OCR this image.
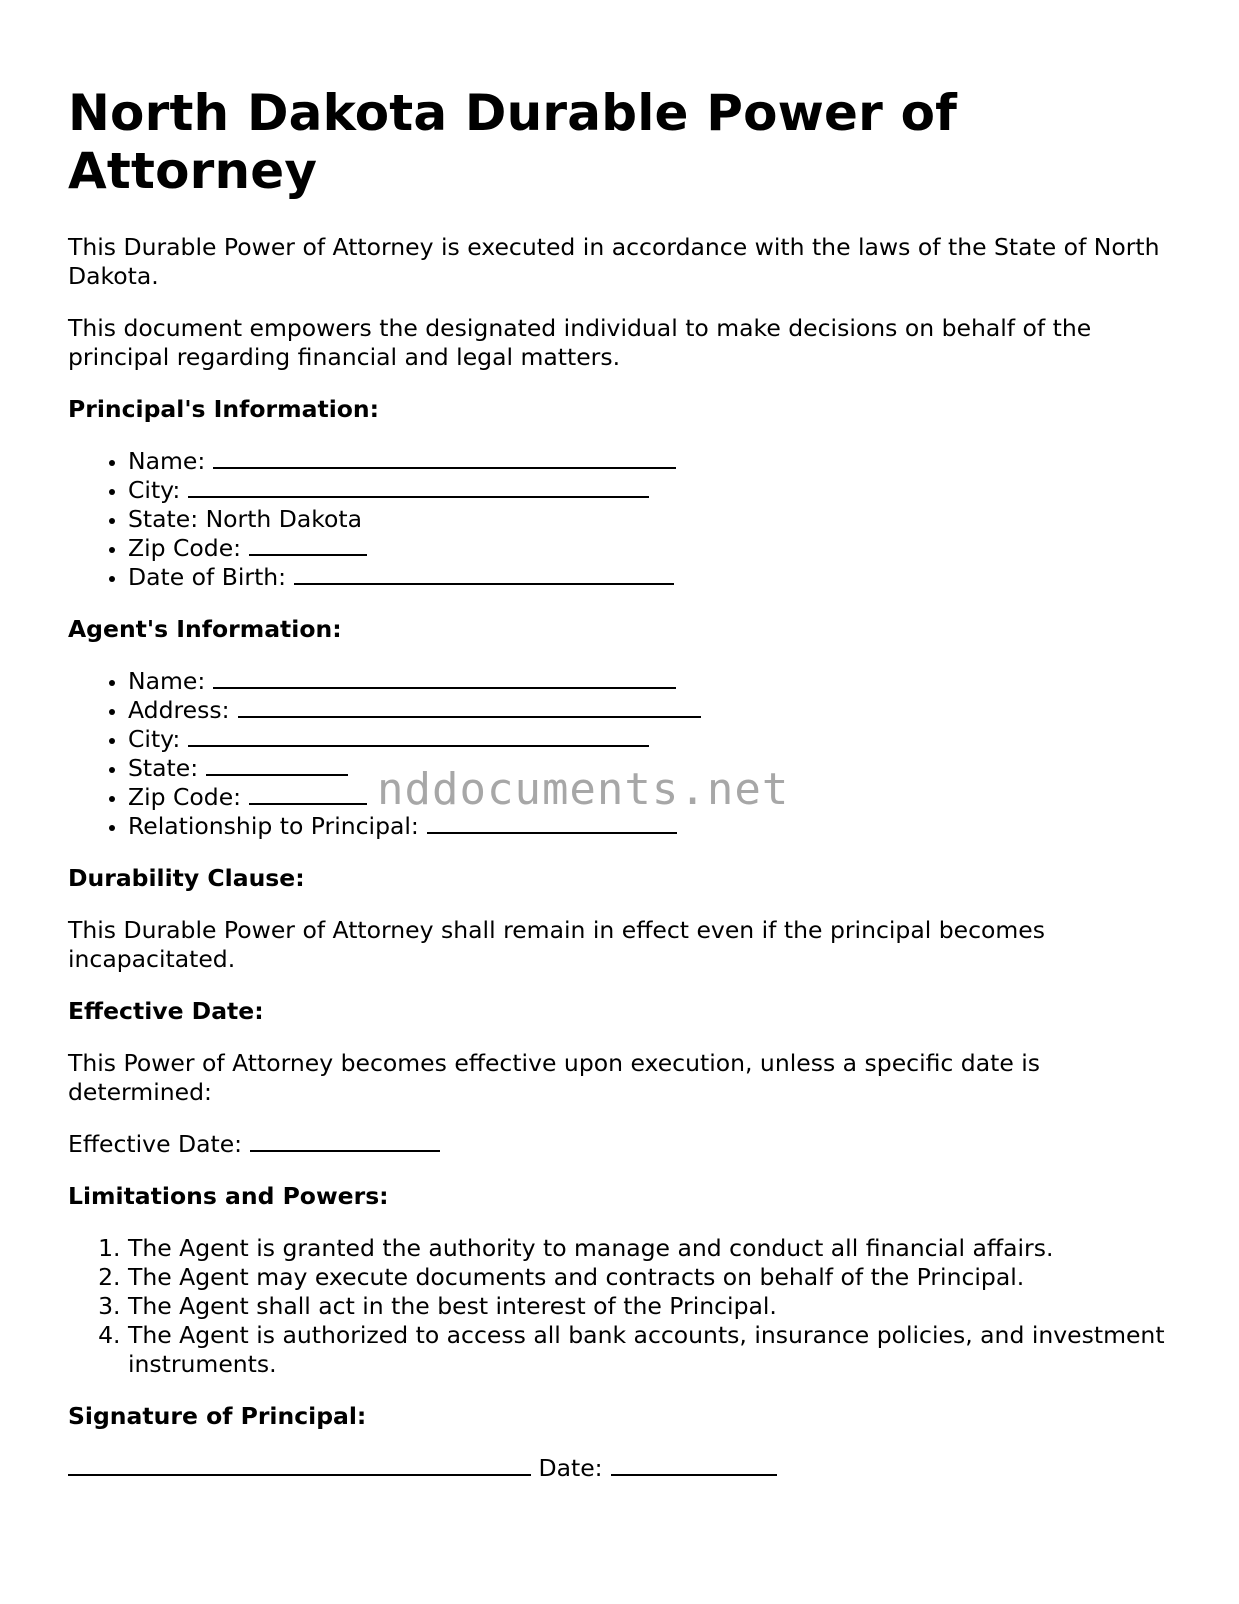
North Dakota Durable Power of Attorney

This Durable Power of Attorney is executed in accordance with the laws of the State of North Dakota.

This document empowers the designated individual to make decisions on behalf of the principal regarding financial and legal matters.

Principal's Information:
• Name:
• City:
• State: North Dakota
• Zip Code:
• Date of Birth:
Agent's Information:
• Name:
• Address:
• City:
• State:
• Zip Code:
• Relationship to Principal:
Durability Clause:

This Durable Power of Attorney shall remain in effect even if the principal becomes incapacitated.

Effective Date:

This Power of Attorney becomes effective upon execution, unless a specific date is determined:

Effective Date:

Limitations and Powers:
1. The Agent is granted the authority to manage and conduct all financial affairs.
2. The Agent may execute documents and contracts on behalf of the Principal.
3. The Agent shall act in the best interest of the Principal.
4. The Agent is authorized to access all bank accounts, insurance policies, and investment instruments.
Signature of Principal:

Date:

nddocuments.net
